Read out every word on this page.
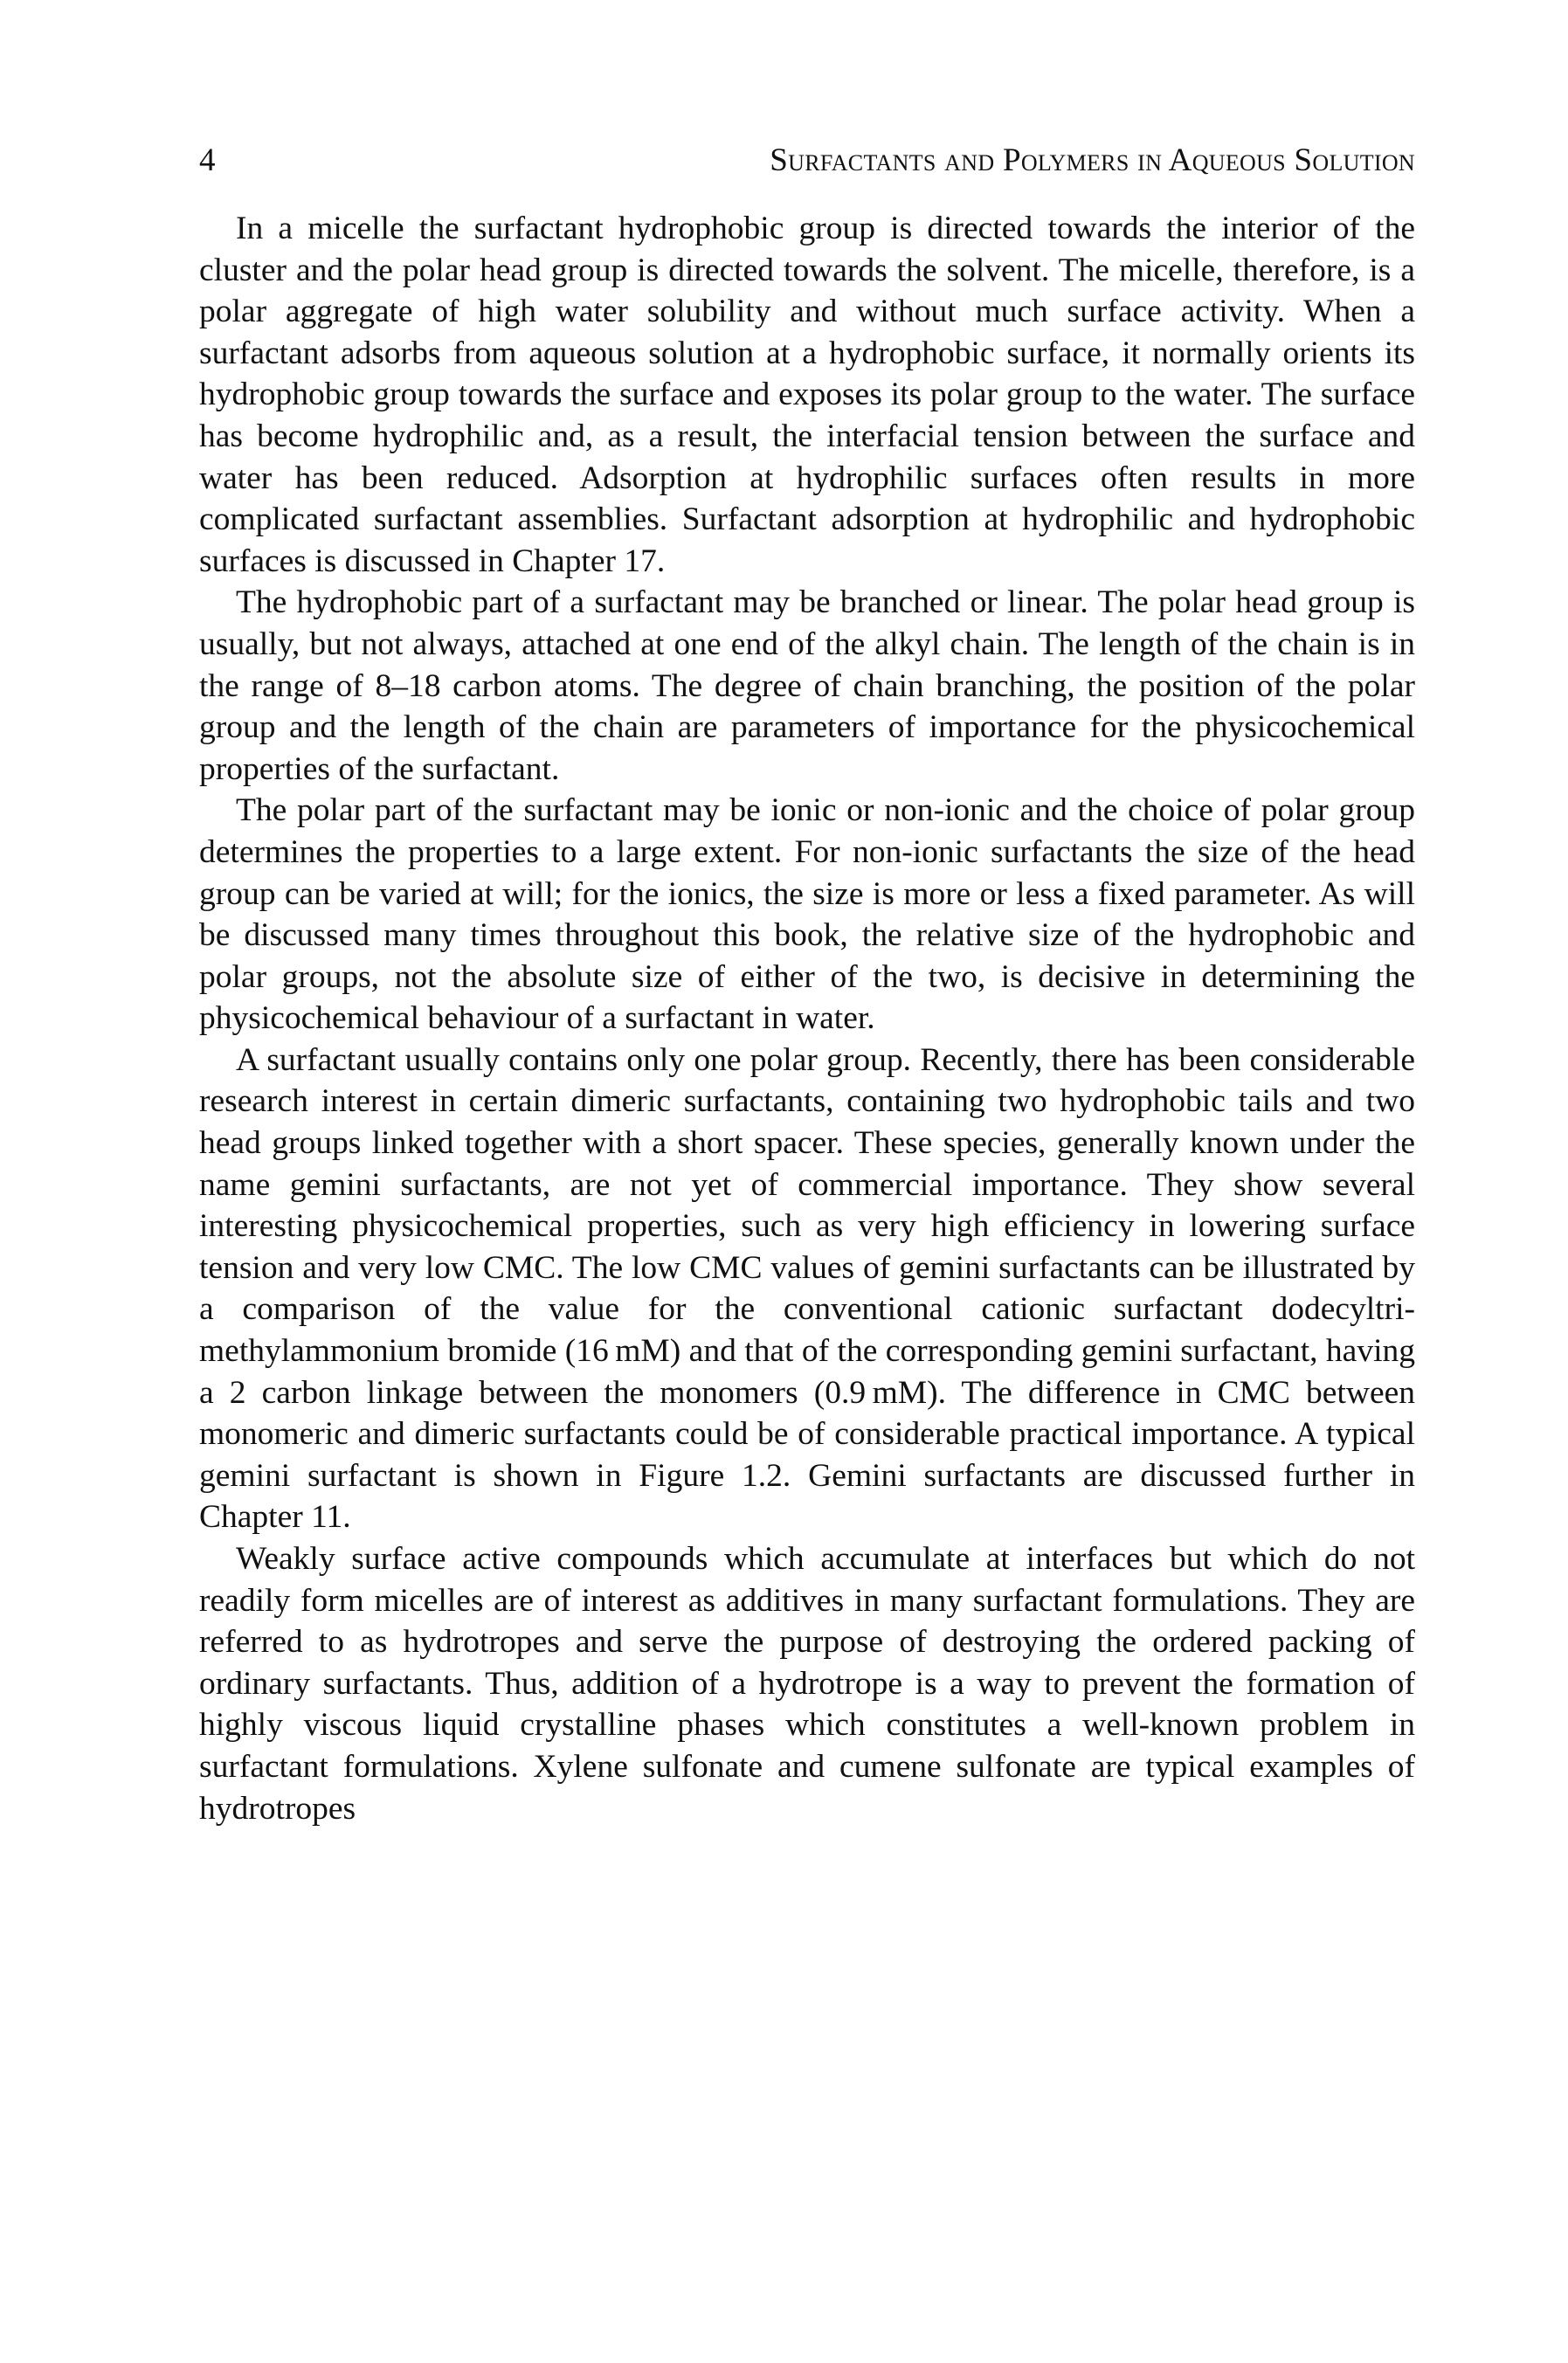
4	Surfactants and Polymers in Aqueous Solution

In a micelle the surfactant hydrophobic group is directed towards the interior of the cluster and the polar head group is directed towards the solvent. The micelle, therefore, is a polar aggregate of high water solubility and without much surface activity. When a surfactant adsorbs from aqueous solution at a hydrophobic surface, it normally orients its hydrophobic group towards the surface and exposes its polar group to the water. The surface has become hydrophilic and, as a result, the interfacial tension between the surface and water has been reduced. Adsorption at hydrophilic surfaces often results in more complicated surfactant assemblies. Surfactant adsorption at hydrophilic and hydrophobic surfaces is discussed in Chapter 17.

The hydrophobic part of a surfactant may be branched or linear. The polar head group is usually, but not always, attached at one end of the alkyl chain. The length of the chain is in the range of 8–18 carbon atoms. The degree of chain branching, the position of the polar group and the length of the chain are parameters of importance for the physicochemical properties of the surfactant.

The polar part of the surfactant may be ionic or non-ionic and the choice of polar group determines the properties to a large extent. For non-ionic surfactants the size of the head group can be varied at will; for the ionics, the size is more or less a fixed parameter. As will be discussed many times throughout this book, the relative size of the hydrophobic and polar groups, not the absolute size of either of the two, is decisive in determining the physicochemical behaviour of a surfactant in water.

A surfactant usually contains only one polar group. Recently, there has been considerable research interest in certain dimeric surfactants, containing two hydrophobic tails and two head groups linked together with a short spacer. These species, generally known under the name gemini surfactants, are not yet of commercial importance. They show several interesting physicochemical properties, such as very high efficiency in lowering surface tension and very low CMC. The low CMC values of gemini surfactants can be illustrated by a comparison of the value for the conventional cationic surfactant dodecyltrimethylammonium bromide (16 mM) and that of the corresponding gemini surfactant, having a 2 carbon linkage between the monomers (0.9 mM). The difference in CMC between monomeric and dimeric surfactants could be of considerable practical importance. A typical gemini surfactant is shown in Figure 1.2. Gemini surfactants are discussed further in Chapter 11.

Weakly surface active compounds which accumulate at interfaces but which do not readily form micelles are of interest as additives in many surfactant formulations. They are referred to as hydrotropes and serve the purpose of destroying the ordered packing of ordinary surfactants. Thus, addition of a hydrotrope is a way to prevent the formation of highly viscous liquid crystalline phases which constitutes a well-known problem in surfactant formulations. Xylene sulfonate and cumene sulfonate are typical examples of hydrotropes
